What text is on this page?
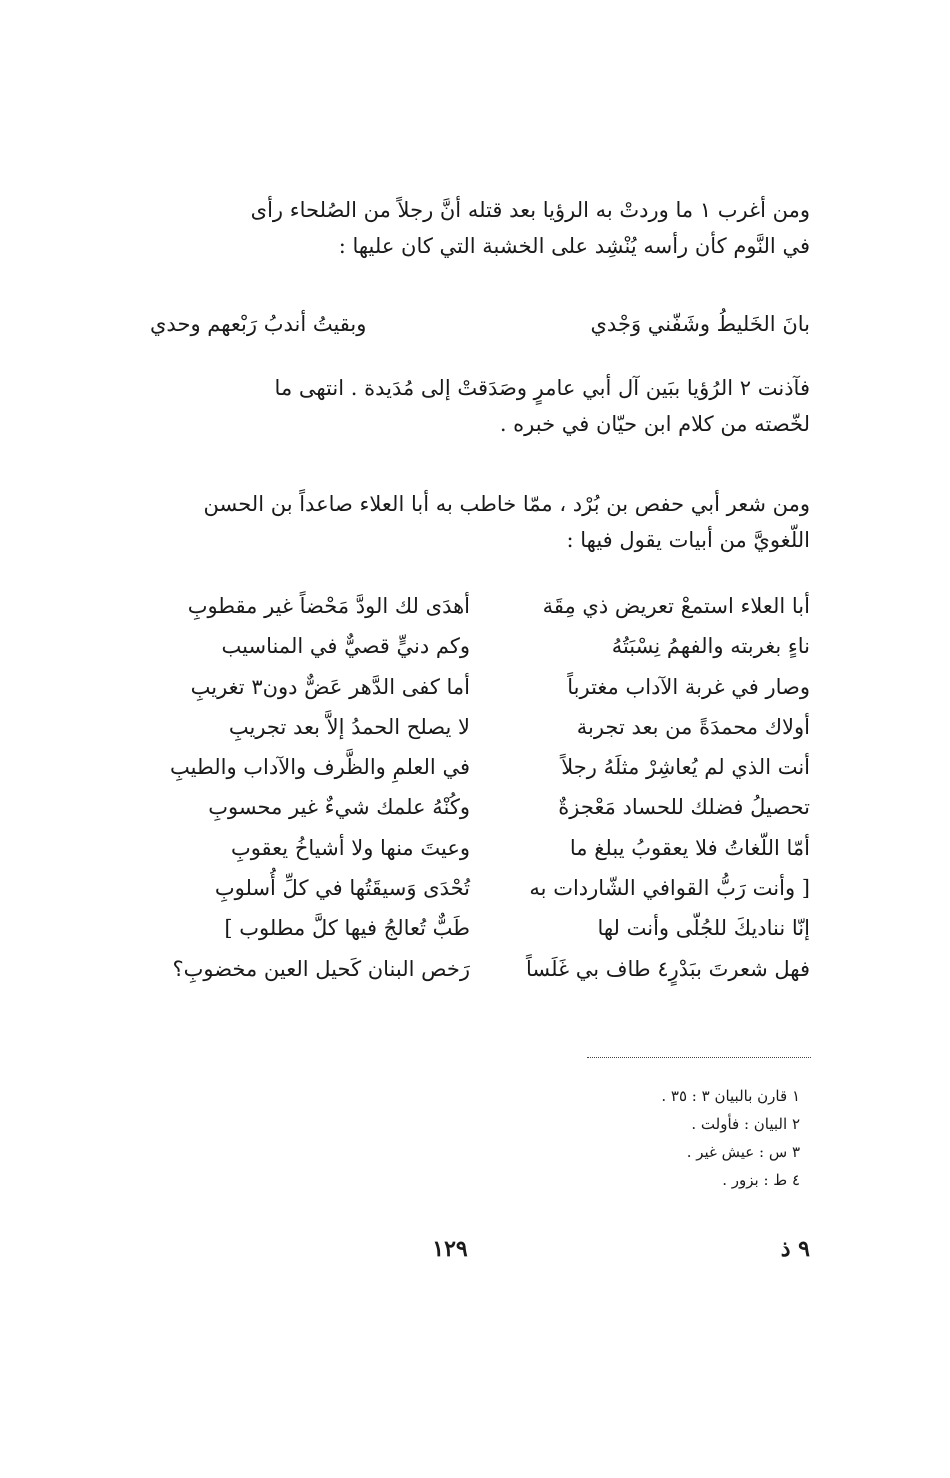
ومن أغرب ١ ما وردتْ به الرؤيا بعد قتله أنَّ رجلاً من الصُلحاء رأى
في النَّوم كأن رأسه يُنْشِد على الخشبة التي كان عليها :
بانَ الخَليطُ وشَفّني وَجْدي
وبقيتُ أندبُ رَبْعهم وحدي
فآذنت ٢ الرُؤيا ببَين آل أبي عامرٍ وصَدَقتْ إلى مُدَيدة . انتهى ما
لخّصته من كلام ابن حيّان في خبره .
ومن شعر أبي حفص بن بُرْد ، ممّا خاطب به أبا العلاء صاعداً بن الحسن
اللّغويَّ من أبيات يقول فيها :
أبا العلاء استمعْ تعريض ذي مِقَة
أهدَى لك الودَّ مَحْضاً غير مقطوبِ
ناءٍ بغربته والفهمُ نِسْبَتُهُ
وكم دنيٍّ قصيٌّ في المناسيب
وصار في غربة الآداب مغترباً
أما كفى الدَّهر عَضٌّ دون٣ تغريبِ
أولاك محمدَةً من بعد تجربة
لا يصلح الحمدُ إلاَّ بعد تجريبِ
أنت الذي لم يُعاشِرْ مثلَهُ رجلاً
في العلمِ والظَّرف والآداب والطيبِ
تحصيلُ فضلك للحساد مَعْجزةٌ
وكُنْهُ علمك شيءٌ غير محسوبِ
أمّا اللّغاتُ فلا يعقوبُ يبلغ ما
وعيتَ منها ولا أشياخُ يعقوبِ
[ وأنت رَبُّ القوافي الشّاردات به
تُحْدَى وَسيقَتُها في كلِّ أُسلوبِ
إنّا نناديكَ للجُلّى وأنت لها
طَبٌّ تُعالجُ فيها كلَّ مطلوب ]
فهل شعرتَ ببَدْرٍ٤ طاف بي غَلَساً
رَخص البنان كَحيل العين مخضوبِ؟
١ قارن بالبيان ٣ : ٣٥ .
٢ البيان : فأولت .
٣ س : عيش غير .
٤ ط : بزور .
١٢٩	٩ ذ
